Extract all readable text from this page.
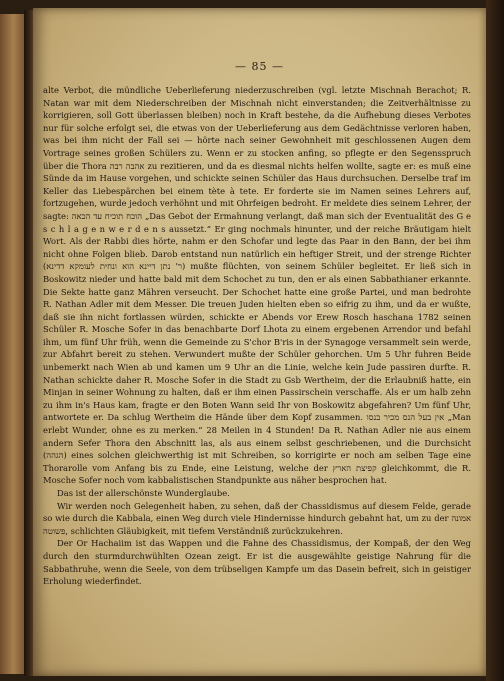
— 85 —

alte Verbot, die mündliche Ueberlieferung niederzuschreiben (vgl. letzte Mischnah Berachot; R. Natan war mit dem Niederschreiben der Mischnah nicht einverstanden; die Zeitverhältnisse zu korrigieren, soll Gott überlassen bleiben) noch in Kraft bestehe, da die Aufhebung dieses Verbotes nur für solche erfolgt sei, die etwas von der Ueberlieferung aus dem Gedächtnisse verloren haben, was bei ihm nicht der Fall sei — hörte nach seiner Gewohnheit mit geschlossenen Augen dem Vortrage seines großen Schülers zu. Wenn er zu stocken anfing, so pflegte er den Segensspruch über die Thora אהבה רבה zu rezitieren, und da es diesmal nichts helfen wollte, sagte er: es muß eine Sünde da im Hause vorgehen, und schickte seinen Schüler das Haus durchsuchen. Derselbe traf im Keller das Liebespärchen bei einem tète à tete. Er forderte sie im Namen seines Lehrers auf, fortzugehen, wurde jedoch verhöhnt und mit Ohrfeigen bedroht. Er meldete dies seinem Lehrer, der sagte: הוכח תוכיח עד הכאה „Das Gebot der Ermahnung verlangt, daß man sich der Eventualität des G e s c h l a g e n w e r d e n s aussetzt.“ Er ging nochmals hinunter, und der reiche Bräutigam hielt Wort. Als der Rabbi dies hörte, nahm er den Schofar und legte das Paar in den Bann, der bei ihm nicht ohne Folgen blieb. Darob entstand nun natürlich ein heftiger Streit, und der strenge Richter (ר' נתן דיינא הוא ונחית לעומקא דדינא) mußte flüchten, von seinem Schüler begleitet. Er ließ sich in Boskowitz nieder und hatte bald mit dem Schochet zu tun, den er als einen Sabbathianer erkannte. Die Sekte hatte ganz Mähren verseucht. Der Schochet hatte eine große Partei, und man bedrohte R. Nathan Adler mit dem Messer. Die treuen Juden hielten eben so eifrig zu ihm, und da er wußte, daß sie ihn nicht fortlassen würden, schickte er Abends vor Erew Rosch haschana 1782 seinen Schüler R. Mosche Sofer in das benachbarte Dorf Lhota zu einem ergebenen Arrendor und befahl ihm, um fünf Uhr früh, wenn die Gemeinde zu S'chor B'ris in der Synagoge versammelt sein werde, zur Abfahrt bereit zu stehen. Verwundert mußte der Schüler gehorchen. Um 5 Uhr fuhren Beide unbemerkt nach Wien ab und kamen um 9 Uhr an die Linie, welche kein Jude passiren durfte. R. Nathan schickte daher R. Mosche Sofer in die Stadt zu Gsb Wertheim, der die Erlaubniß hatte, ein Minjan in seiner Wohnung zu halten, daß er ihm einen Passirschein verschaffe. Als er um halb zehn zu ihm in's Haus kam, fragte er den Boten Wann seid Ihr von Boskowitz abgefahren? Um fünf Uhr, antwortete er. Da schlug Wertheim die Hände über dem Kopf zusammen. אין בעל הנס מכיר בנסו „Man erlebt Wunder, ohne es zu merken.“ 28 Meilen in 4 Stunden! Da R. Nathan Adler nie aus einem andern Sefer Thora den Abschnitt las, als aus einem selbst geschriebenen, und die Durchsicht (הגהה) eines solchen gleichwerthig ist mit Schreiben, so korrigirte er noch am selben Tage eine Thorarolle vom Anfang bis zu Ende, eine Leistung, welche der קפיצת הארץ gleichkommt, die R. Mosche Sofer noch vom kabbalistischen Standpunkte aus näher besprochen hat.

Das ist der allerschönste Wunderglaube.

Wir werden noch Gelegenheit haben, zu sehen, daß der Chassidismus auf diesem Felde, gerade so wie durch die Kabbala, einen Weg durch viele Hindernisse hindurch gebahnt hat, um zu der אמונה פשוטה, schlichten Gläubigkeit, mit tiefem Verständniß zurückzukehren.

Der Or Hachaiim ist das Wappen und die Fahne des Chassidismus, der Kompaß, der den Weg durch den sturmdurchwühlten Ozean zeigt. Er ist die ausgewählte geistige Nahrung für die Sabbathruhe, wenn die Seele, von dem trübseligen Kampfe um das Dasein befreit, sich in geistiger Erholung wiederfindet.
